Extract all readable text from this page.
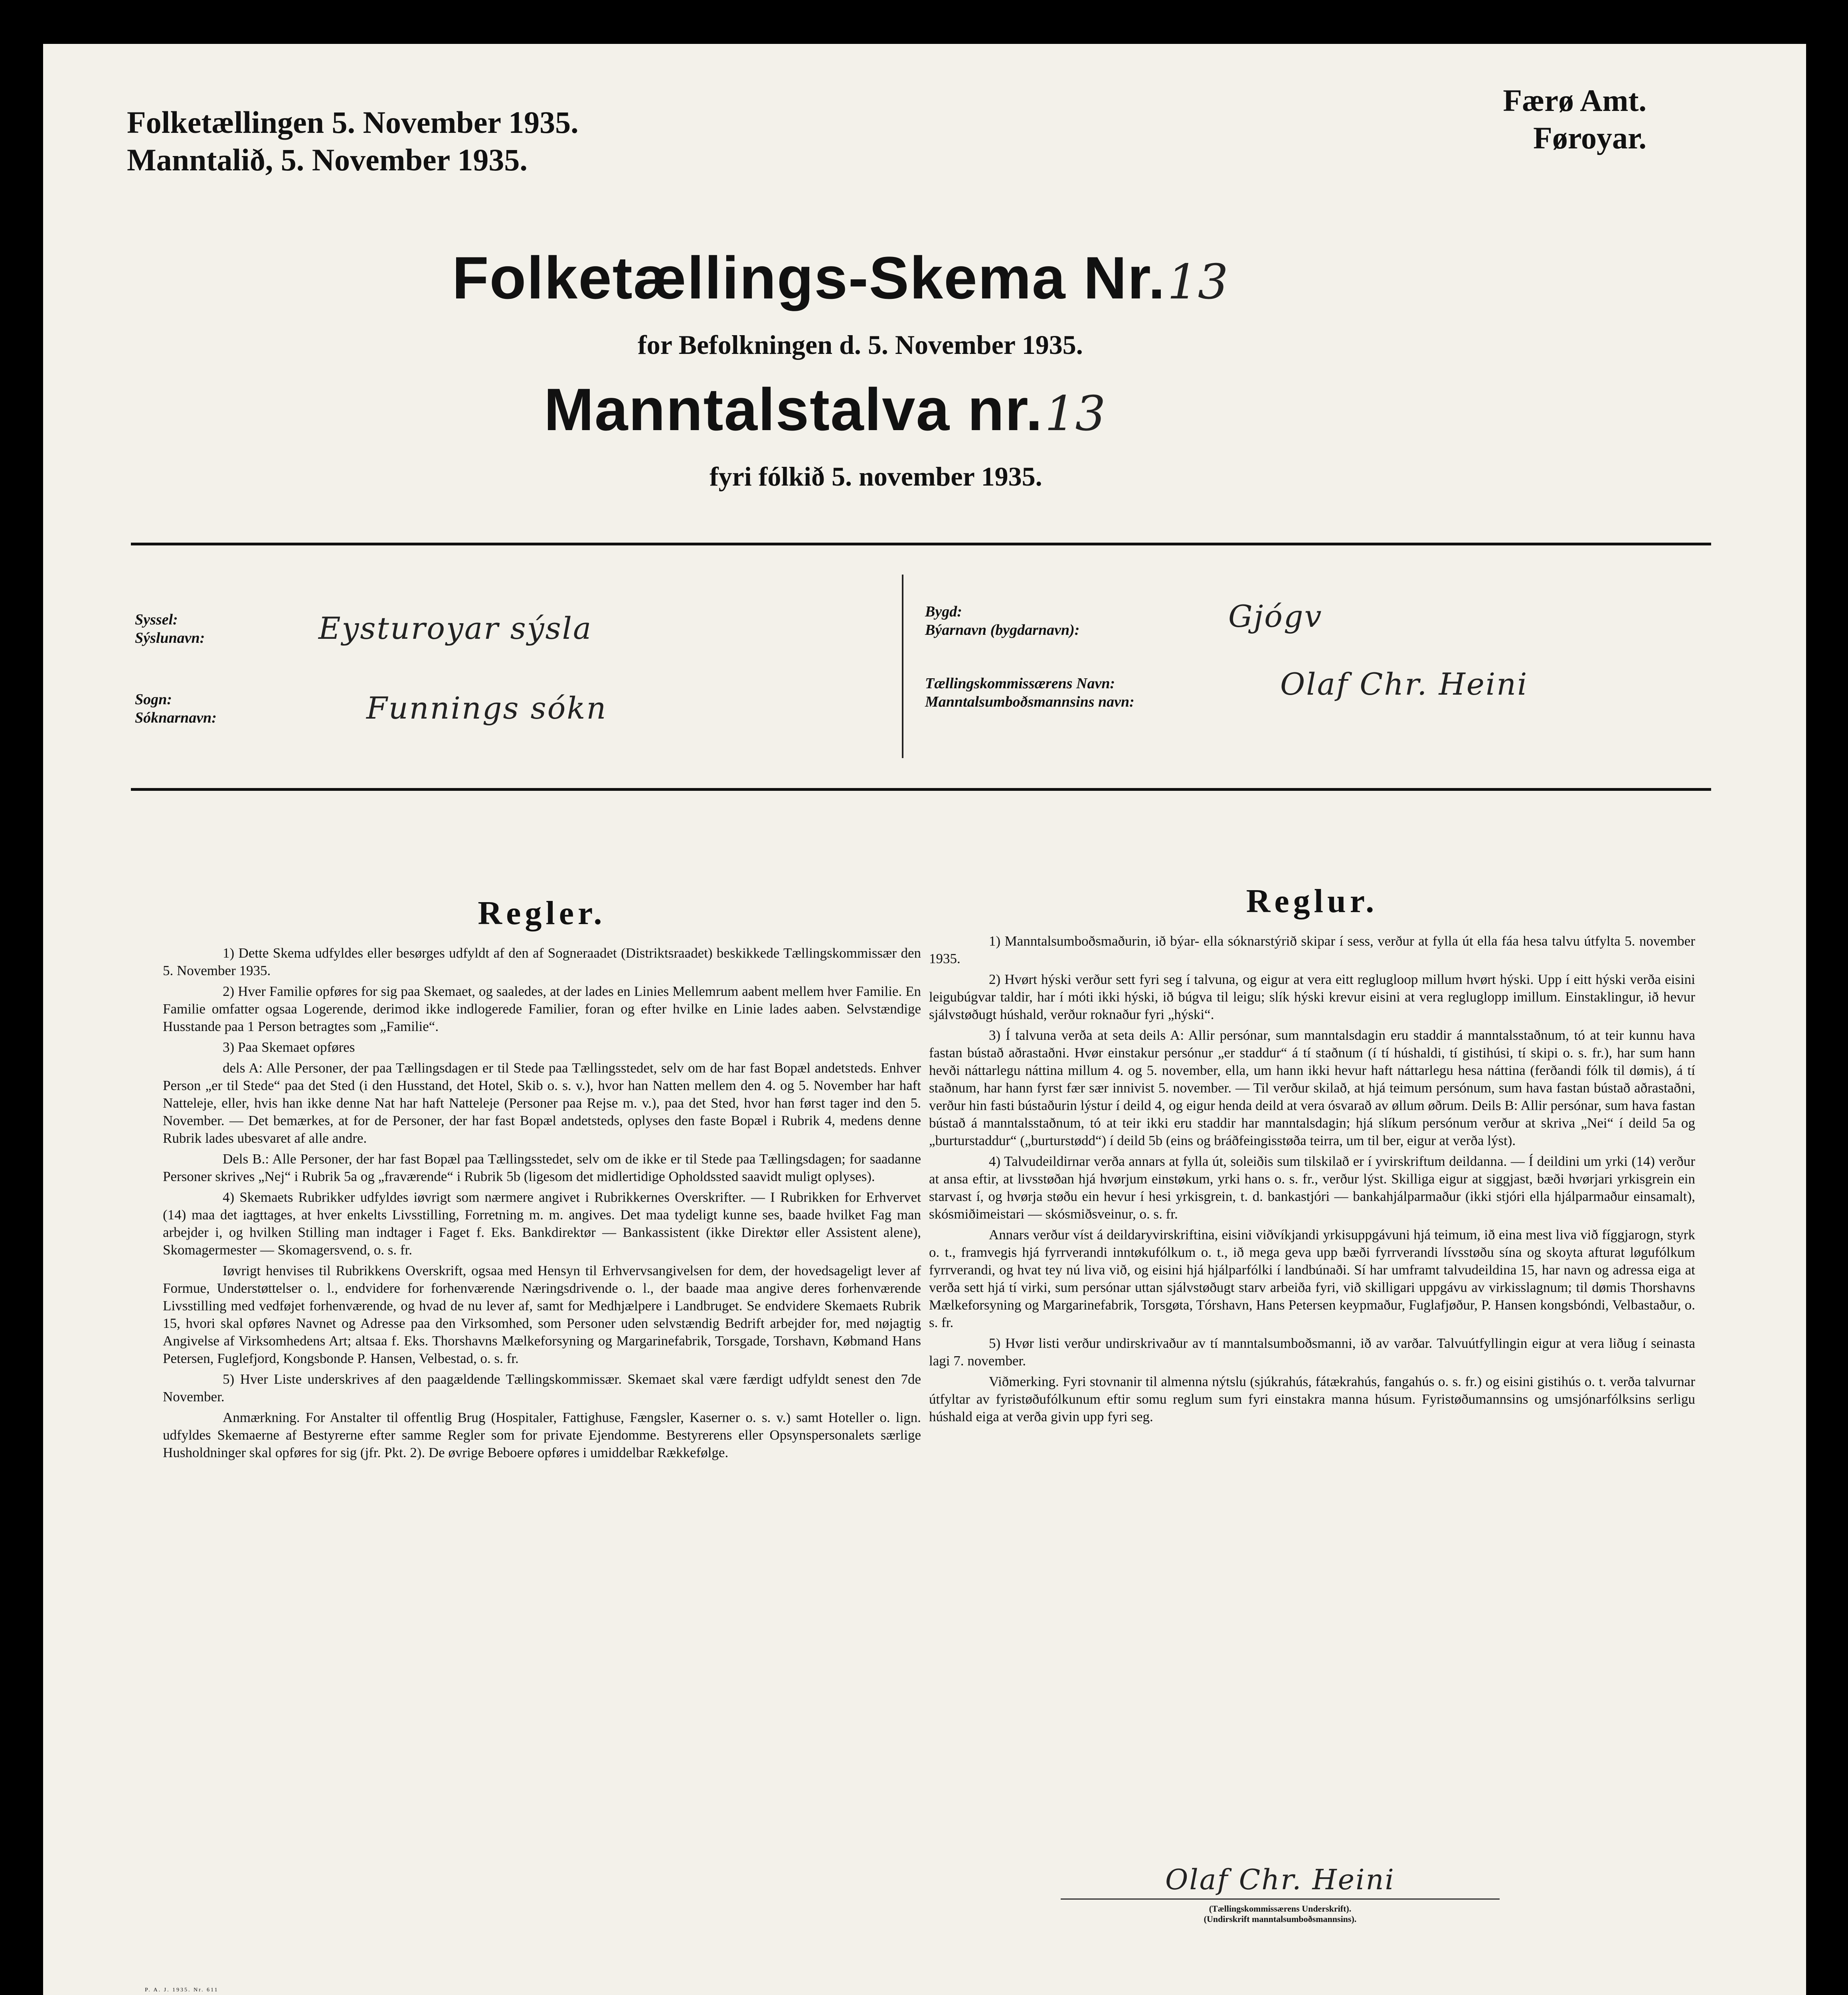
Folketællingen 5. November 1935.
Manntalið, 5. November 1935.
Færø Amt.
Føroyar.
Folketællings-Skema Nr. 13
for Befolkningen d. 5. November 1935.
Manntalstalva nr. 13
fyri fólkið 5. november 1935.
Syssel:
Sýslunavn:	Eysturoyar sýsla
Sogn:
Sóknarnavn:	Funnings sókn
Bygd:
Býarnavn (bygdarnavn):	Gjógv
Tællingskommissærens Navn:
Manntalsumboðsmannsins navn:	Olaf Chr. Heini
Regler.

1) Dette Skema udfyldes eller besørges udfyldt af den af Sogneraadet (Distriktsraadet) beskikkede Tællingskommissær den 5. November 1935.

2) Hver Familie opføres for sig paa Skemaet, og saaledes, at der lades en Linies Mellemrum aabent mellem hver Familie. En Familie omfatter ogsaa Logerende, derimod ikke indlogerede Familier, foran og efter hvilke en Linie lades aaben. Selvstændige Husstande paa 1 Person betragtes som „Familie“.

3) Paa Skemaet opføres

dels A: Alle Personer, der paa Tællingsdagen er til Stede paa Tællingsstedet, selv om de har fast Bopæl andetsteds. Enhver Person „er til Stede“ paa det Sted (i den Husstand, det Hotel, Skib o. s. v.), hvor han Natten mellem den 4. og 5. November har haft Natteleje, eller, hvis han ikke denne Nat har haft Natteleje (Personer paa Rejse m. v.), paa det Sted, hvor han først tager ind den 5. November. — Det bemærkes, at for de Personer, der har fast Bopæl andetsteds, oplyses den faste Bopæl i Rubrik 4, medens denne Rubrik lades ubesvaret af alle andre.

Dels B.: Alle Personer, der har fast Bopæl paa Tællingsstedet, selv om de ikke er til Stede paa Tællingsdagen; for saadanne Personer skrives „Nej“ i Rubrik 5a og „fraværende“ i Rubrik 5b (ligesom det midlertidige Opholdssted saavidt muligt oplyses).

4) Skemaets Rubrikker udfyldes iøvrigt som nærmere angivet i Rubrikkernes Overskrifter. — I Rubrikken for Erhvervet (14) maa det iagttages, at hver enkelts Livsstilling, Forretning m. m. angives. Det maa tydeligt kunne ses, baade hvilket Fag man arbejder i, og hvilken Stilling man indtager i Faget f. Eks. Bankdirektør — Bankassistent (ikke Direktør eller Assistent alene), Skomagermester — Skomagersvend, o. s. fr.

Iøvrigt henvises til Rubrikkens Overskrift, ogsaa med Hensyn til Erhvervsangivelsen for dem, der hovedsageligt lever af Formue, Understøttelser o. l., endvidere for forhenværende Næringsdrivende o. l., der baade maa angive deres forhenværende Livsstilling med vedføjet forhenværende, og hvad de nu lever af, samt for Medhjælpere i Landbruget. Se endvidere Skemaets Rubrik 15, hvori skal opføres Navnet og Adresse paa den Virksomhed, som Personer uden selvstændig Bedrift arbejder for, med nøjagtig Angivelse af Virksomhedens Art; altsaa f. Eks. Thorshavns Mælkeforsyning og Margarinefabrik, Torsgade, Torshavn, Købmand Hans Petersen, Fuglefjord, Kongsbonde P. Hansen, Velbestad, o. s. fr.

5) Hver Liste underskrives af den paagældende Tællingskommissær. Skemaet skal være færdigt udfyldt senest den 7de November.

Anmærkning. For Anstalter til offentlig Brug (Hospitaler, Fattighuse, Fængsler, Kaserner o. s. v.) samt Hoteller o. lign. udfyldes Skemaerne af Bestyrerne efter samme Regler som for private Ejendomme. Bestyrerens eller Opsynspersonalets særlige Husholdninger skal opføres for sig (jfr. Pkt. 2). De øvrige Beboere opføres i umiddelbar Rækkefølge.

Reglur.

1) Manntalsumboðsmaðurin, ið býar- ella sóknarstýrið skipar í sess, verður at fylla út ella fáa hesa talvu útfylta 5. november 1935.

2) Hvørt hýski verður sett fyri seg í talvuna, og eigur at vera eitt reglugloop millum hvørt hýski. Upp í eitt hýski verða eisini leigubúgvar taldir, har í móti ikki hýski, ið búgva til leigu; slík hýski krevur eisini at vera regluglopp imillum. Einstaklingur, ið hevur sjálvstøðugt húshald, verður roknaður fyri „hýski“.

3) Í talvuna verða at seta deils A: Allir persónar, sum manntalsdagin eru staddir á manntalsstaðnum, tó at teir kunnu hava fastan bústað aðrastaðni. Hvør einstakur persónur „er staddur“ á tí staðnum (í tí húshaldi, tí gistihúsi, tí skipi o. s. fr.), har sum hann hevði náttarlegu náttina millum 4. og 5. november, ella, um hann ikki hevur haft náttarlegu hesa náttina (ferðandi fólk til dømis), á tí staðnum, har hann fyrst fær sær innivist 5. november. — Til verður skilað, at hjá teimum persónum, sum hava fastan bústað aðrastaðni, verður hin fasti bústaðurin lýstur í deild 4, og eigur henda deild at vera ósvarað av øllum øðrum. Deils B: Allir persónar, sum hava fastan bústað á manntalsstaðnum, tó at teir ikki eru staddir har manntalsdagin; hjá slíkum persónum verður at skriva „Nei“ í deild 5a og „burturstaddur“ („burturstødd“) í deild 5b (eins og bráðfeingisstøða teirra, um til ber, eigur at verða lýst).

4) Talvudeildirnar verða annars at fylla út, soleiðis sum tilskilað er í yvirskriftum deildanna. — Í deildini um yrki (14) verður at ansa eftir, at livsstøðan hjá hvørjum einstøkum, yrki hans o. s. fr., verður lýst. Skilliga eigur at siggjast, bæði hvørjari yrkisgrein ein starvast í, og hvørja støðu ein hevur í hesi yrkisgrein, t. d. bankastjóri — bankahjálparmaður (ikki stjóri ella hjálparmaður einsamalt), skósmiðimeistari — skósmiðsveinur, o. s. fr.

Annars verður víst á deildaryvirskriftina, eisini viðvíkjandi yrkisuppgávuni hjá teimum, ið eina mest liva við fíggjarogn, styrk o. t., framvegis hjá fyrrverandi inntøkufólkum o. t., ið mega geva upp bæði fyrrverandi lívsstøðu sína og skoyta afturat løgufólkum fyrrverandi, og hvat tey nú liva við, og eisini hjá hjálparfólki í landbúnaði. Sí har umframt talvudeildina 15, har navn og adressa eiga at verða sett hjá tí virki, sum persónar uttan sjálvstøðugt starv arbeiða fyri, við skilligari uppgávu av virkisslagnum; til dømis Thorshavns Mælkeforsyning og Margarinefabrik, Torsgøta, Tórshavn, Hans Petersen keypmaður, Fuglafjøður, P. Hansen kongsbóndi, Velbastaður, o. s. fr.

5) Hvør listi verður undirskrivaður av tí manntalsumboðsmanni, ið av varðar. Talvuútfyllingin eigur at vera liðug í seinasta lagi 7. november.

Viðmerking. Fyri stovnanir til almenna nýtslu (sjúkrahús, fátækrahús, fangahús o. s. fr.) og eisini gistihús o. t. verða talvurnar útfyltar av fyristøðufólkunum eftir somu reglum sum fyri einstakra manna húsum. Fyristøðumannsins og umsjónarfólksins serligu húshald eiga at verða givin upp fyri seg.

Olaf Chr. Heini
(Tællingskommissærens Underskrift).
(Undirskrift manntalsumboðsmannsins).
P. A. J. 1935. Nr. 611
